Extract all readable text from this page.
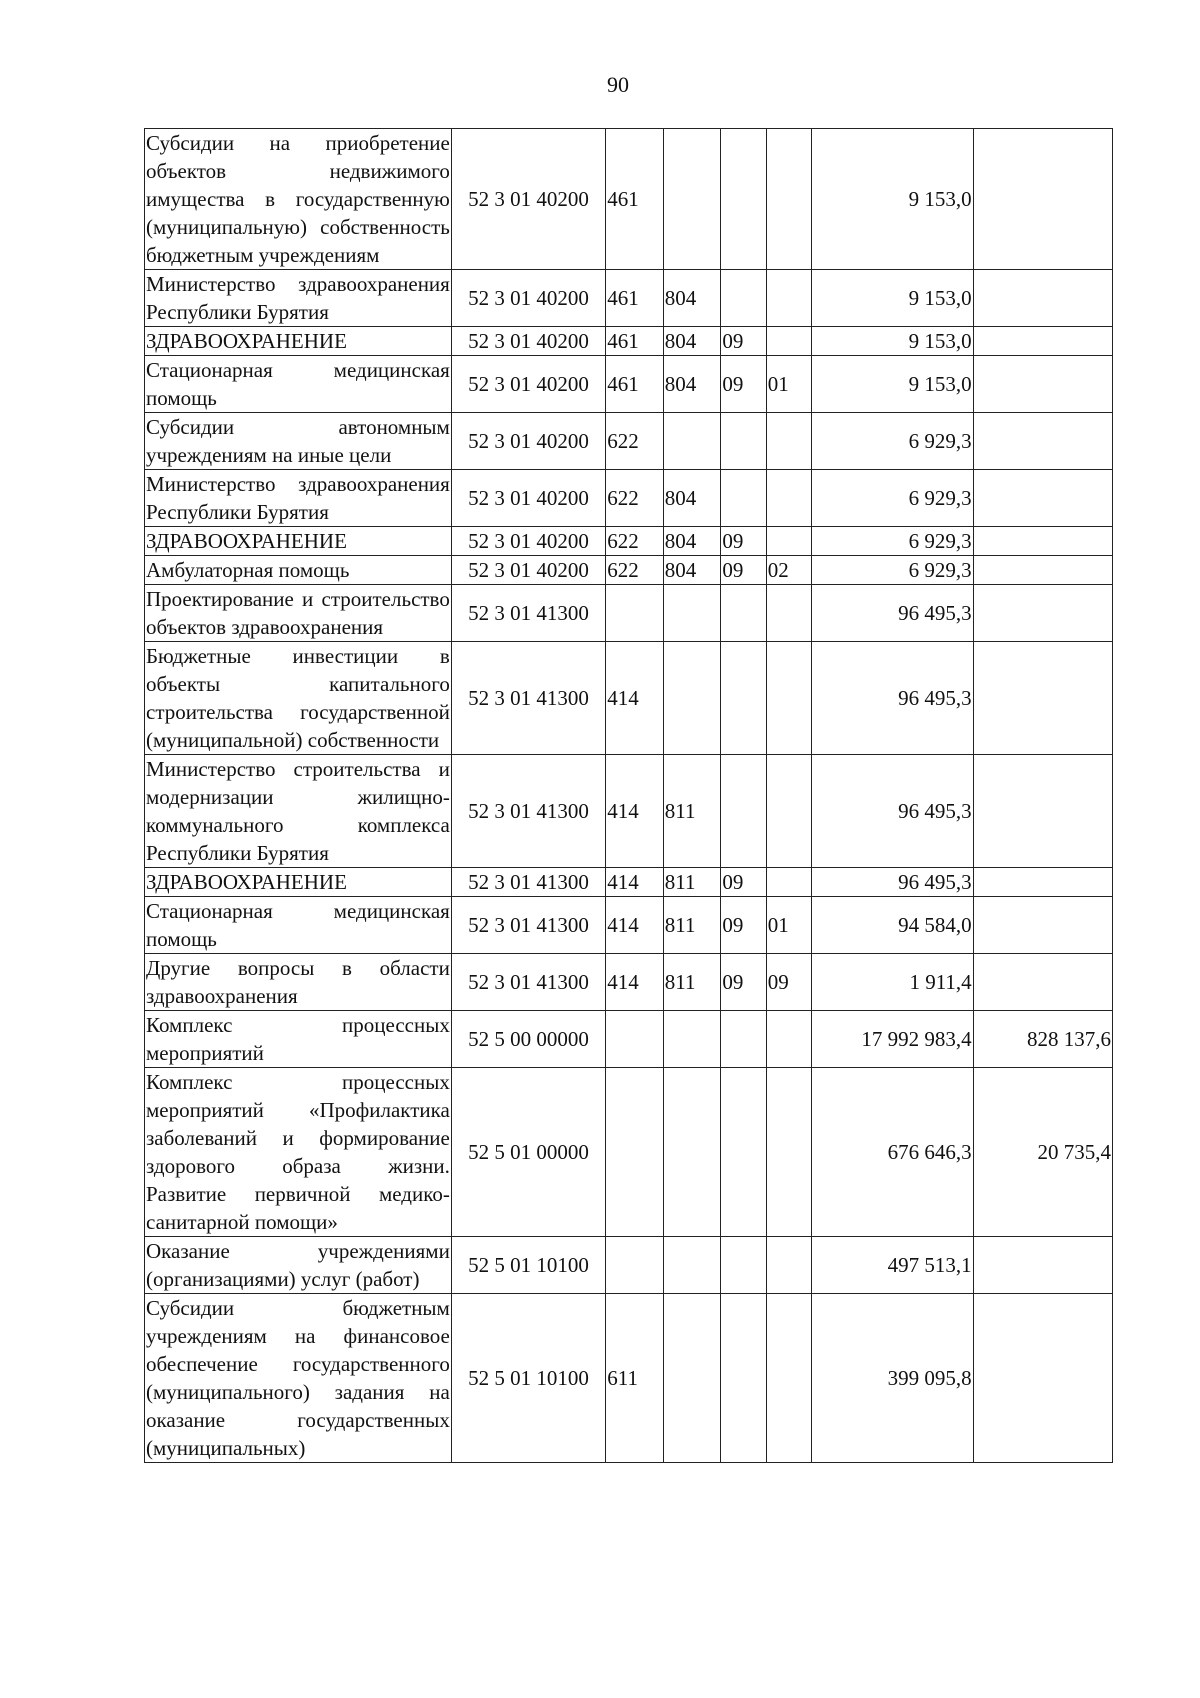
90
Субсидии на приобретение объектов недвижимого имущества в государственную (муниципальную) собственность бюджетным учреждениям	52 3 01 40200	461				9 153,0	
Министерство здравоохранения Республики Бурятия	52 3 01 40200	461	804			9 153,0	
ЗДРАВООХРАНЕНИЕ	52 3 01 40200	461	804	09		9 153,0	
Стационарная медицинская помощь	52 3 01 40200	461	804	09	01	9 153,0	
Субсидии автономным учреждениям на иные цели	52 3 01 40200	622				6 929,3	
Министерство здравоохранения Республики Бурятия	52 3 01 40200	622	804			6 929,3	
ЗДРАВООХРАНЕНИЕ	52 3 01 40200	622	804	09		6 929,3	
Амбулаторная помощь	52 3 01 40200	622	804	09	02	6 929,3	
Проектирование и строительство объектов здравоохранения	52 3 01 41300					96 495,3	
Бюджетные инвестиции в объекты капитального строительства государственной (муниципальной) собственности	52 3 01 41300	414				96 495,3	
Министерство строительства и модернизации жилищно-коммунального комплекса Республики Бурятия	52 3 01 41300	414	811			96 495,3	
ЗДРАВООХРАНЕНИЕ	52 3 01 41300	414	811	09		96 495,3	
Стационарная медицинская помощь	52 3 01 41300	414	811	09	01	94 584,0	
Другие вопросы в области здравоохранения	52 3 01 41300	414	811	09	09	1 911,4	
Комплекс процессных мероприятий	52 5 00 00000					17 992 983,4	828 137,6
Комплекс процессных мероприятий «Профилактика заболеваний и формирование здорового образа жизни. Развитие первичной медико-санитарной помощи»	52 5 01 00000					676 646,3	20 735,4
Оказание учреждениями (организациями) услуг (работ)	52 5 01 10100					497 513,1	
Субсидии бюджетным учреждениям на финансовое обеспечение государственного (муниципального) задания на оказание государственных (муниципальных)	52 5 01 10100	611				399 095,8	
